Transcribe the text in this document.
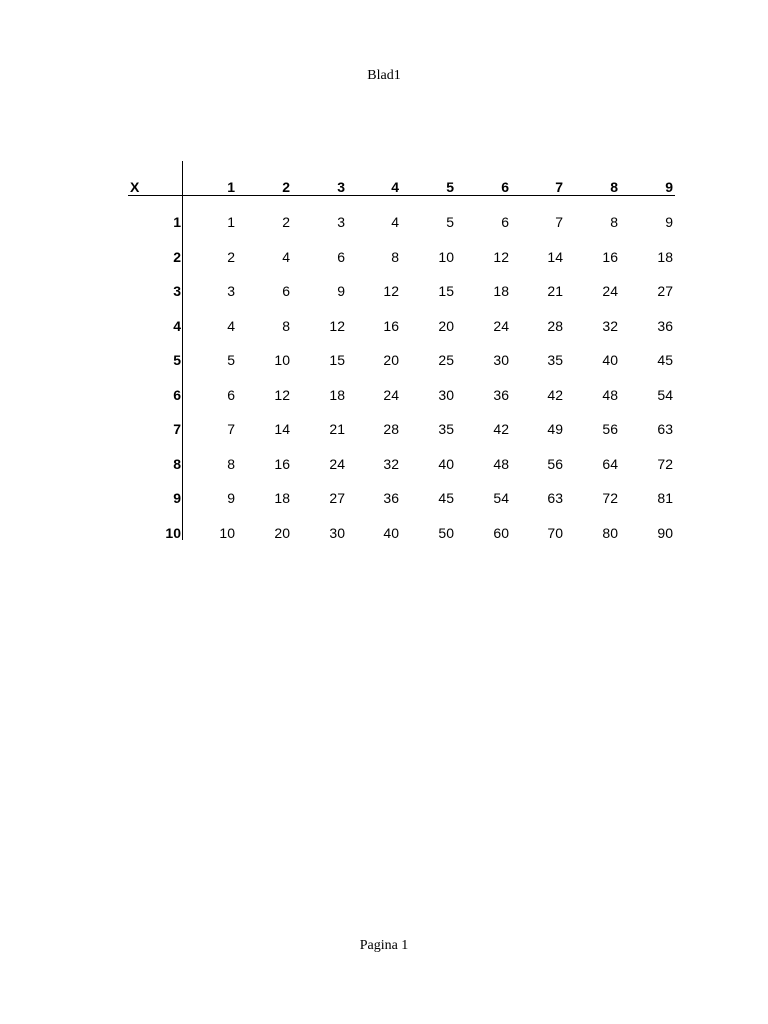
Blad1
X	1	2	3	4	5	6	7	8	9
1	1	2	3	4	5	6	7	8	9
2	2	4	6	8	10	12	14	16	18
3	3	6	9	12	15	18	21	24	27
4	4	8	12	16	20	24	28	32	36
5	5	10	15	20	25	30	35	40	45
6	6	12	18	24	30	36	42	48	54
7	7	14	21	28	35	42	49	56	63
8	8	16	24	32	40	48	56	64	72
9	9	18	27	36	45	54	63	72	81
10	10	20	30	40	50	60	70	80	90
Pagina 1
